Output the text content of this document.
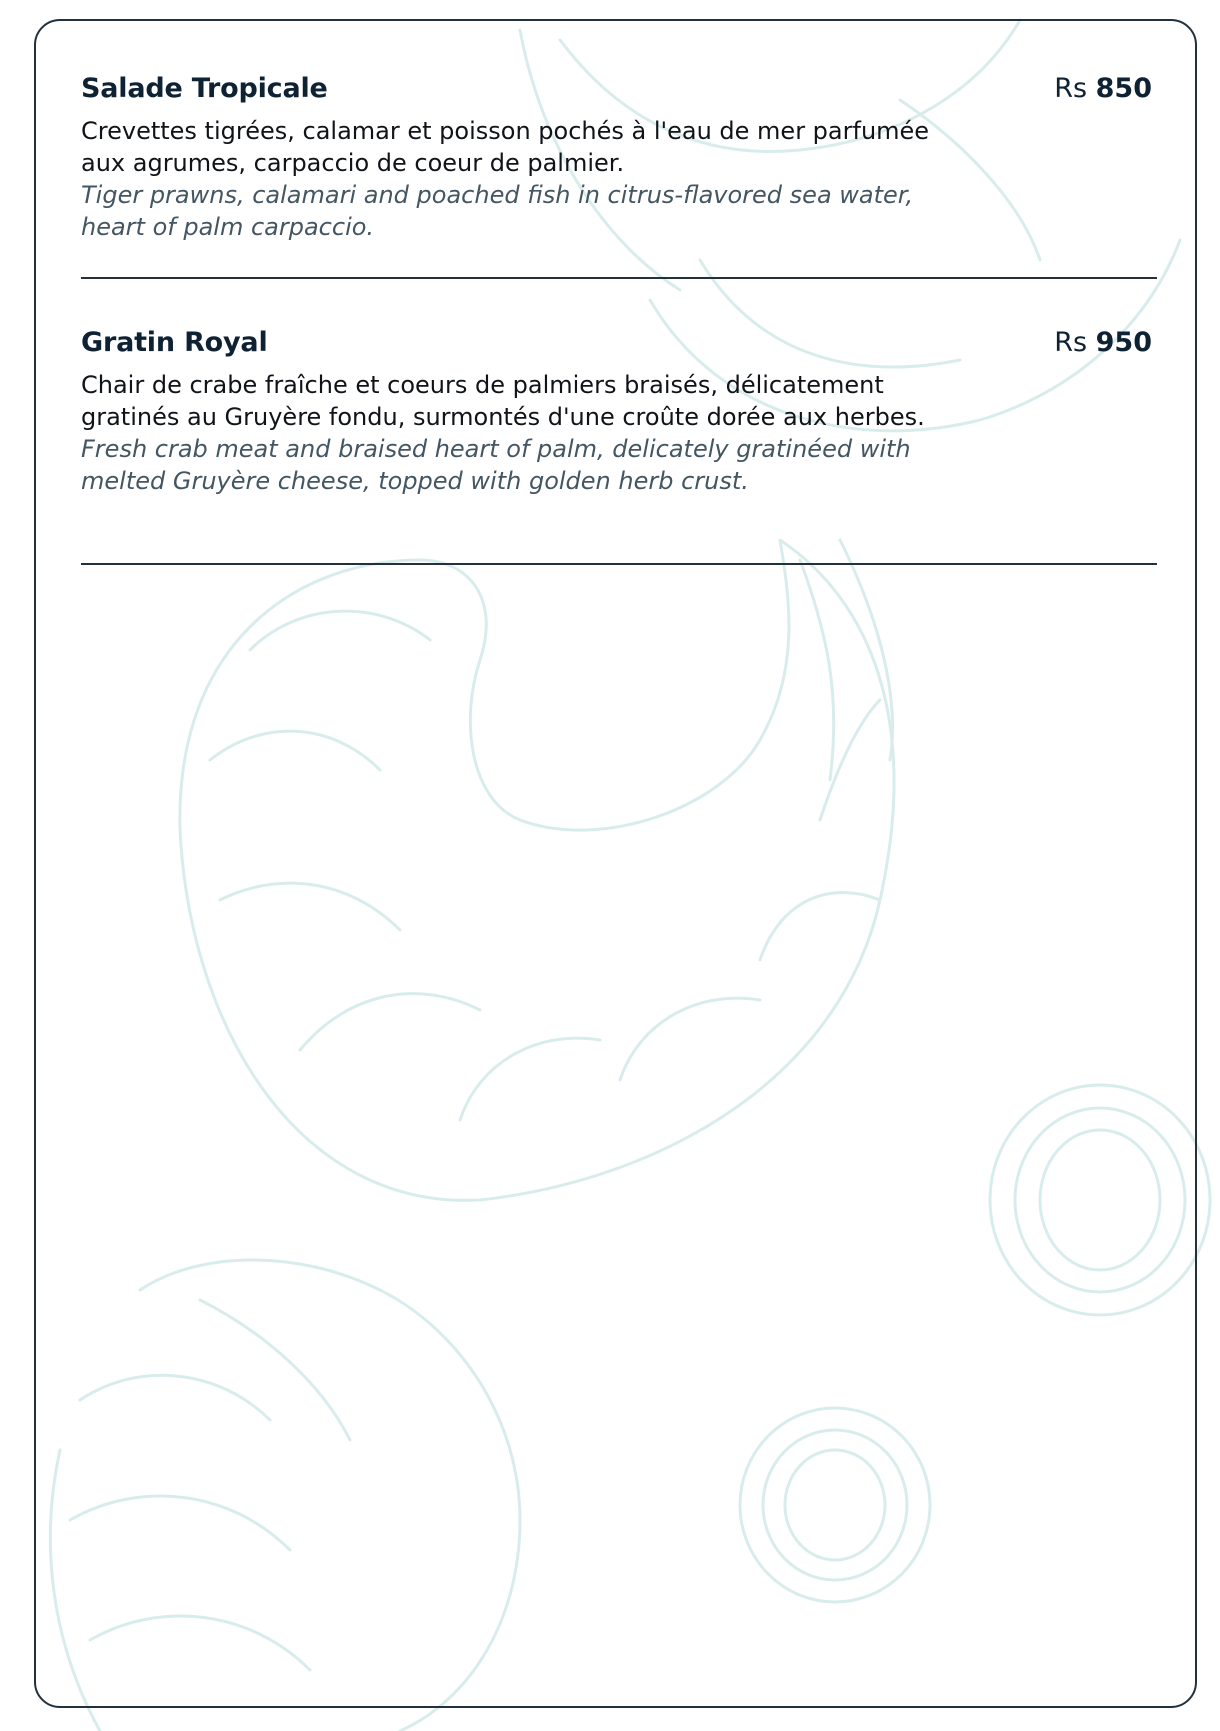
Salade Tropicale	Rs 850
Crevettes tigrées, calamar et poisson pochés à l'eau de mer parfumée aux agrumes, carpaccio de coeur de palmier.
Tiger prawns, calamari and poached fish in citrus-flavored sea water, heart of palm carpaccio.
Gratin Royal	Rs 950
Chair de crabe fraîche et coeurs de palmiers braisés, délicatement gratinés au Gruyère fondu, surmontés d'une croûte dorée aux herbes.
Fresh crab meat and braised heart of palm, delicately gratinéed with melted Gruyère cheese, topped with golden herb crust.
